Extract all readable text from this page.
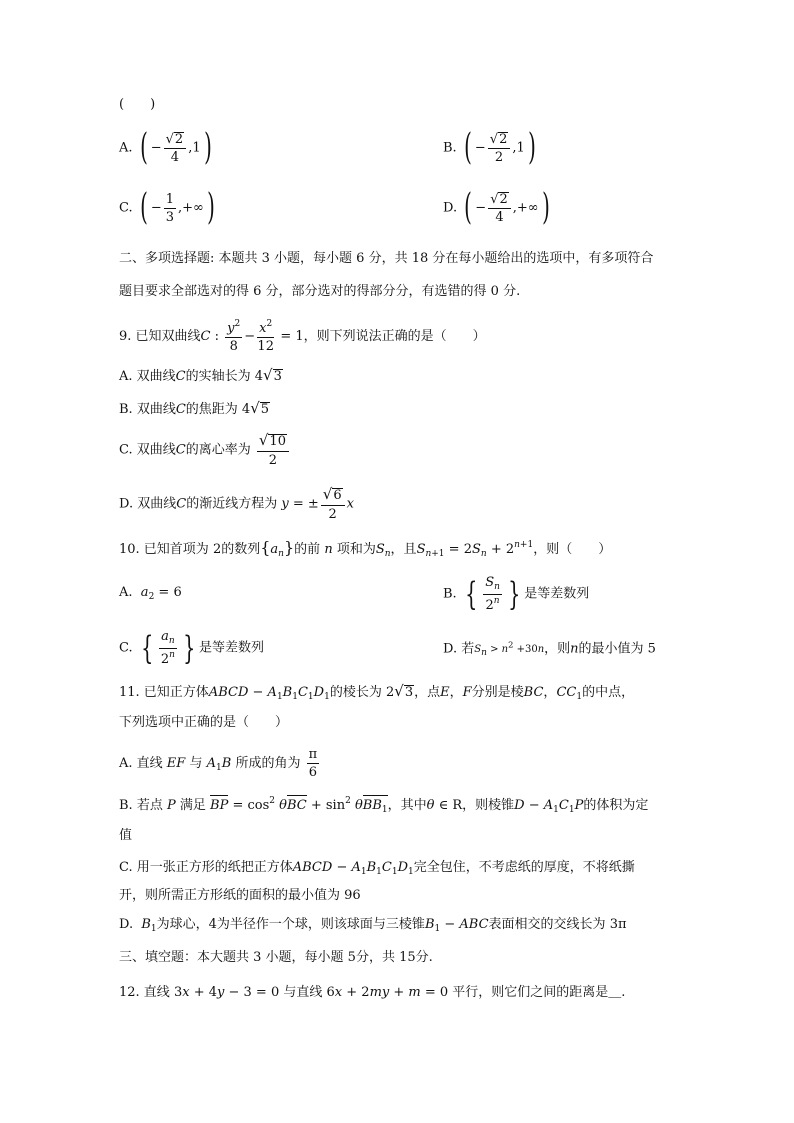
(　　)
A. ( − $\frac{√2}{4} ,1$)	B. ( − $\frac{√2}{2} ,1$)
C. ( − $\frac{1}{3}$ ,+∞)	D. ( − $\frac{√2}{4}$ ,+∞)
二、多项选择题: 本题共 3 小题，每小题 6 分，共 18 分在每小题给出的选项中，有多项符合
题目要求全部选对的得 6 分，部分选对的得部分分，有选错的得 0 分.
9. 已知双曲线C : $\frac{y^2}{8} - \frac{x^2}{12} = 1$，则下列说法正确的是（　　）
A. 双曲线C的实轴长为 4√3
B. 双曲线C的焦距为 4√5
C. 双曲线C的离心率为 $\frac{√10}{2}$
D. 双曲线C的渐近线方程为 y = ± $\frac{√6}{2}$ x
10. 已知首项为 2的数列$\{a_n\}$的前 n 项和为$S_n$，且$S_{n+1} = 2S_n + 2^{n+1}$，则（　　）
A. $a_2 = 6$	B. { $\frac{S_n}{2^n}$ } 是等差数列
C. { $\frac{a_n}{2^n}$ } 是等差数列	D. 若$Sn > n^2 +30n$，则n的最小值为 5
11. 已知正方体ABCD − $A_1B_1C_1D_1$的棱长为 2√3，点E，F分别是棱BC，$CC_1$的中点，
下列选项中正确的是（　　）
A. 直线 EF 与 $A_1B$ 所成的角为 $\frac{\pi}{6}$
B. 若点 P 满足 BP = $\cos^2 \theta BC + \sin^2 \theta BB_1$，其中θ ∈ R，则棱锥$D - A_1C_1P$的体积为定
值
C. 用一张正方形的纸把正方体ABCD − $A_1B_1C_1D_1$完全包住，不考虑纸的厚度，不将纸撕
开，则所需正方形纸的面积的最小值为 96
D. $B_1$为球心，4为半径作一个球，则该球面与三棱锥$B_1$ − ABC表面相交的交线长为 3π
三、填空题：本大题共 3 小题，每小题 5分，共 15分.
12. 直线 3x + 4y − 3 = 0 与直线 6x + 2my + m = 0 平行，则它们之间的距离是＿.
